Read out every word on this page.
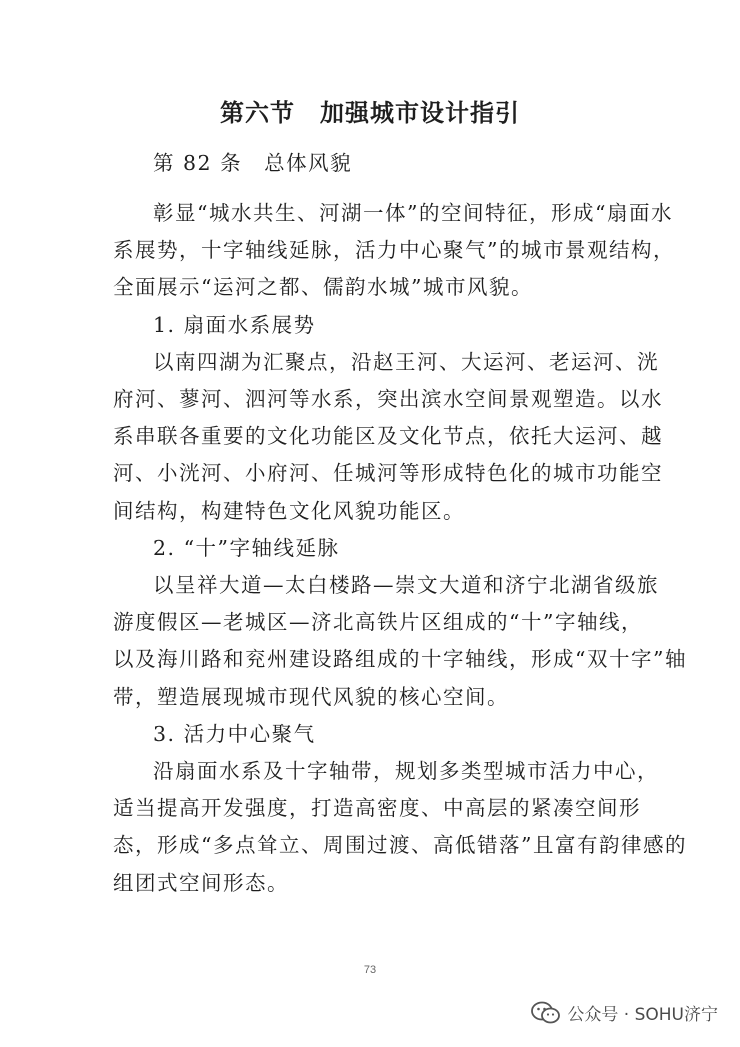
第六节　加强城市设计指引
第 82 条　总体风貌
彰显“城水共生、河湖一体”的空间特征，形成“扇面水
系展势，十字轴线延脉，活力中心聚气”的城市景观结构，
全面展示“运河之都、儒韵水城”城市风貌。
1. 扇面水系展势
以南四湖为汇聚点，沿赵王河、大运河、老运河、洸
府河、蓼河、泗河等水系，突出滨水空间景观塑造。以水
系串联各重要的文化功能区及文化节点，依托大运河、越
河、小洸河、小府河、任城河等形成特色化的城市功能空
间结构，构建特色文化风貌功能区。
2. “十”字轴线延脉
以呈祥大道—太白楼路—崇文大道和济宁北湖省级旅
游度假区—老城区—济北高铁片区组成的“十”字轴线，
以及海川路和兖州建设路组成的十字轴线，形成“双十字”轴
带，塑造展现城市现代风貌的核心空间。
3. 活力中心聚气
沿扇面水系及十字轴带，规划多类型城市活力中心，
适当提高开发强度，打造高密度、中高层的紧凑空间形
态，形成“多点耸立、周围过渡、高低错落”且富有韵律感的
组团式空间形态。
73
公众号 · SOHU济宁
